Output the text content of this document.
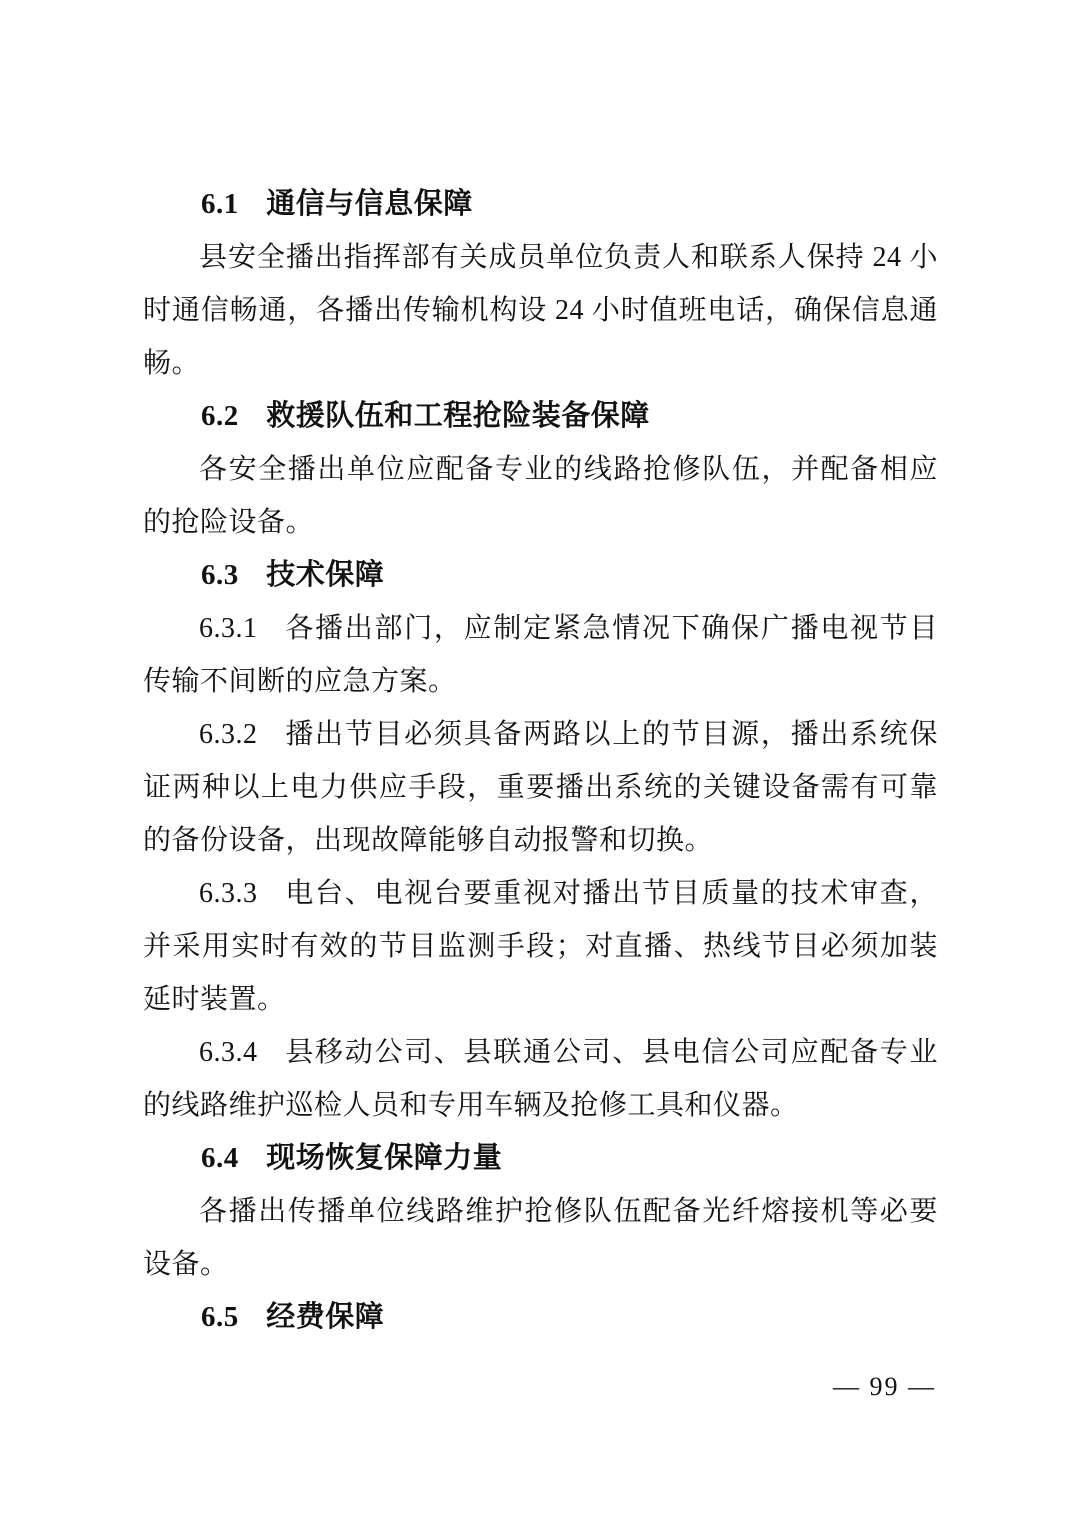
6.1 通信与信息保障

县安全播出指挥部有关成员单位负责人和联系人保持 24 小时通信畅通，各播出传输机构设 24 小时值班电话，确保信息通畅。

6.2 救援队伍和工程抢险装备保障

各安全播出单位应配备专业的线路抢修队伍，并配备相应的抢险设备。

6.3 技术保障

6.3.1 各播出部门，应制定紧急情况下确保广播电视节目传输不间断的应急方案。

6.3.2 播出节目必须具备两路以上的节目源，播出系统保证两种以上电力供应手段，重要播出系统的关键设备需有可靠的备份设备，出现故障能够自动报警和切换。

6.3.3 电台、电视台要重视对播出节目质量的技术审查，并采用实时有效的节目监测手段；对直播、热线节目必须加装延时装置。

6.3.4 县移动公司、县联通公司、县电信公司应配备专业的线路维护巡检人员和专用车辆及抢修工具和仪器。

6.4 现场恢复保障力量

各播出传播单位线路维护抢修队伍配备光纤熔接机等必要设备。

6.5 经费保障

— 99 —
